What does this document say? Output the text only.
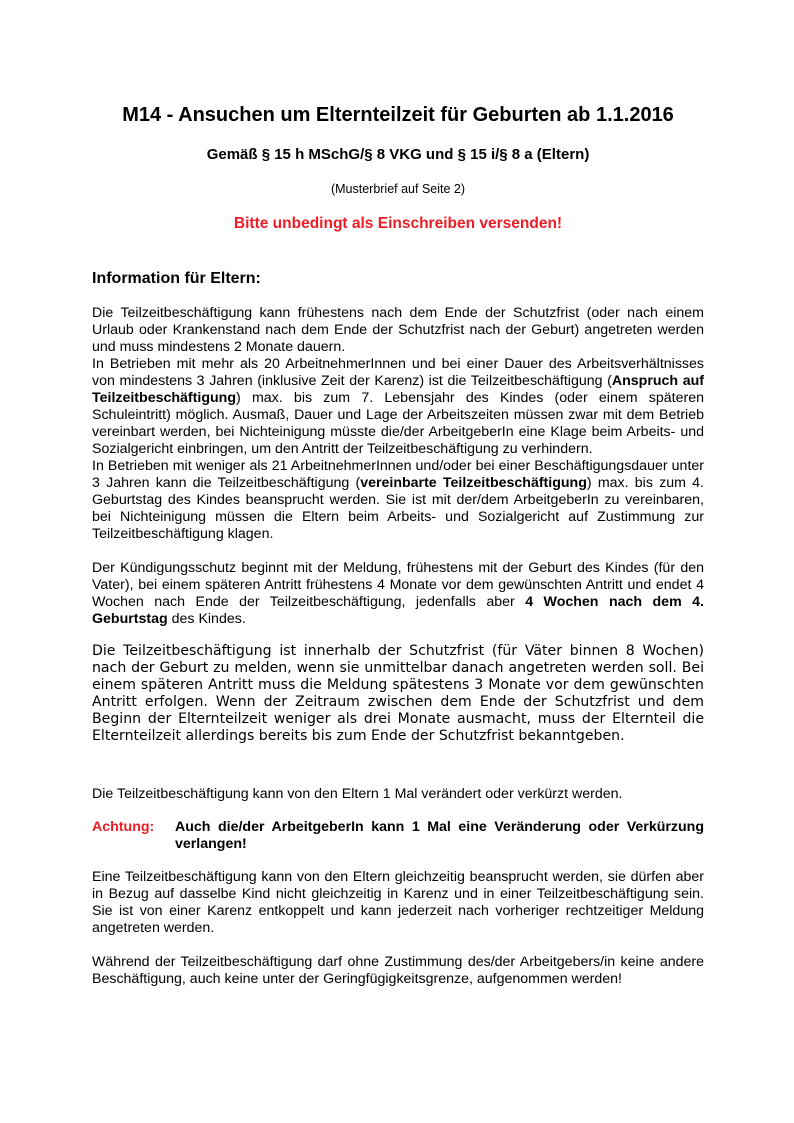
M14 - Ansuchen um Elternteilzeit für Geburten ab 1.1.2016
Gemäß § 15 h MSchG/§ 8 VKG und § 15 i/§ 8 a (Eltern)
(Musterbrief auf Seite 2)
Bitte unbedingt als Einschreiben versenden!
Information für Eltern:
Die Teilzeitbeschäftigung kann frühestens nach dem Ende der Schutzfrist (oder nach einem Urlaub oder Krankenstand nach dem Ende der Schutzfrist nach der Geburt) angetreten werden und muss mindestens 2 Monate dauern.
In Betrieben mit mehr als 20 ArbeitnehmerInnen und bei einer Dauer des Arbeitsverhältnisses von mindestens 3 Jahren (inklusive Zeit der Karenz) ist die Teilzeitbeschäftigung (Anspruch auf Teilzeitbeschäftigung) max. bis zum 7. Lebensjahr des Kindes (oder einem späteren Schuleintritt) möglich. Ausmaß, Dauer und Lage der Arbeitszeiten müssen zwar mit dem Betrieb vereinbart werden, bei Nichteinigung müsste die/der ArbeitgeberIn eine Klage beim Arbeits- und Sozialgericht einbringen, um den Antritt der Teilzeitbeschäftigung zu verhindern.
In Betrieben mit weniger als 21 ArbeitnehmerInnen und/oder bei einer Beschäftigungsdauer unter 3 Jahren kann die Teilzeitbeschäftigung (vereinbarte Teilzeitbeschäftigung) max. bis zum 4. Geburtstag des Kindes beansprucht werden. Sie ist mit der/dem ArbeitgeberIn zu vereinbaren, bei Nichteinigung müssen die Eltern beim Arbeits- und Sozialgericht auf Zustimmung zur Teilzeitbeschäftigung klagen.
Der Kündigungsschutz beginnt mit der Meldung, frühestens mit der Geburt des Kindes (für den Vater), bei einem späteren Antritt frühestens 4 Monate vor dem gewünschten Antritt und endet 4 Wochen nach Ende der Teilzeitbeschäftigung, jedenfalls aber 4 Wochen nach dem 4. Geburtstag des Kindes.
Die Teilzeitbeschäftigung ist innerhalb der Schutzfrist (für Väter binnen 8 Wochen) nach der Geburt zu melden, wenn sie unmittelbar danach angetreten werden soll. Bei einem späteren Antritt muss die Meldung spätestens 3 Monate vor dem gewünschten Antritt erfolgen. Wenn der Zeitraum zwischen dem Ende der Schutzfrist und dem Beginn der Elternteilzeit weniger als drei Monate ausmacht, muss der Elternteil die Elternteilzeit allerdings bereits bis zum Ende der Schutzfrist bekanntgeben.
Die Teilzeitbeschäftigung kann von den Eltern 1 Mal verändert oder verkürzt werden.
Achtung: Auch die/der ArbeitgeberIn kann 1 Mal eine Veränderung oder Verkürzung verlangen!
Eine Teilzeitbeschäftigung kann von den Eltern gleichzeitig beansprucht werden, sie dürfen aber in Bezug auf dasselbe Kind nicht gleichzeitig in Karenz und in einer Teilzeitbeschäftigung sein. Sie ist von einer Karenz entkoppelt und kann jederzeit nach vorheriger rechtzeitiger Meldung angetreten werden.
Während der Teilzeitbeschäftigung darf ohne Zustimmung des/der Arbeitgebers/in keine andere Beschäftigung, auch keine unter der Geringfügigkeitsgrenze, aufgenommen werden!
